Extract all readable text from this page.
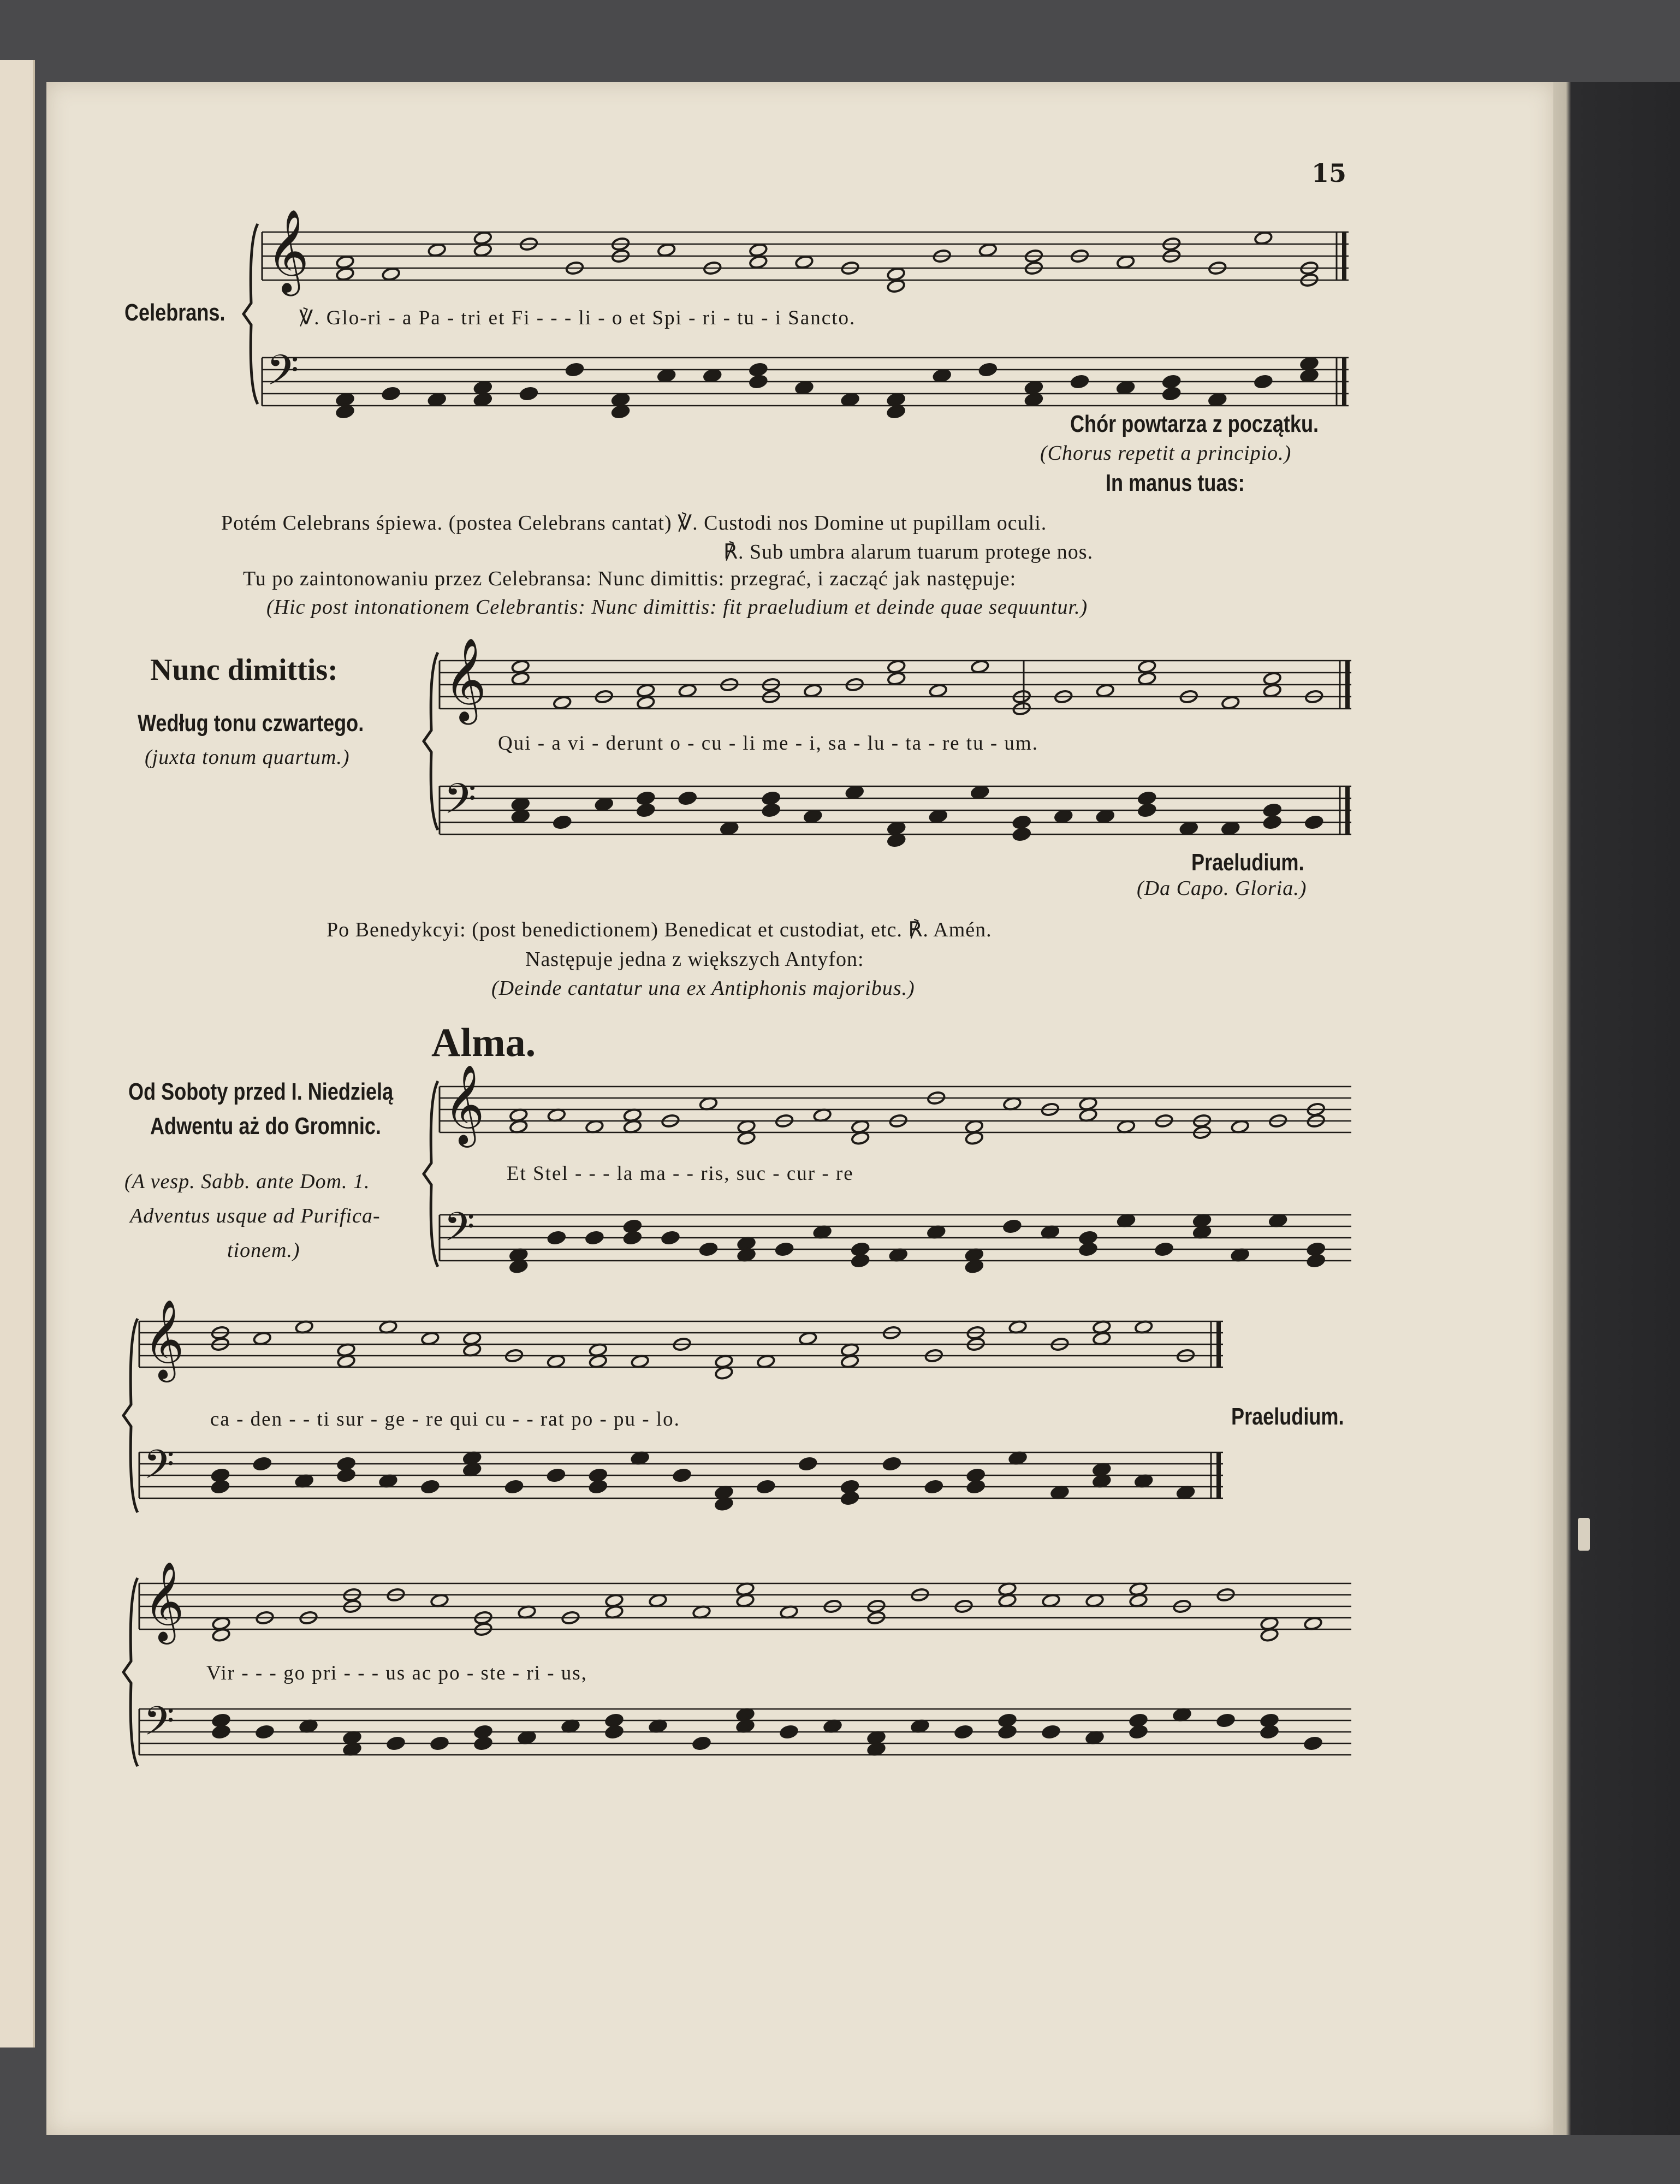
𝄞
𝄢
𝄞
𝄢
𝄞
𝄢
𝄞
𝄢
𝄞
𝄢
15
Celebrans.	℣. Glo-ri - a Pa - tri et Fi - - - li - o et Spi - ri - tu - i Sancto.
Chór powtarza z początku.
(Chorus repetit a principio.)
In manus tuas:
Potém Celebrans śpiewa. (postea Celebrans cantat) ℣. Custodi nos Domine ut pupillam oculi.
℟. Sub umbra alarum tuarum protege nos.
Tu po zaintonowaniu przez Celebransa: Nunc dimittis: przegrać, i zacząć jak następuje:
(Hic post intonationem Celebrantis: Nunc dimittis: fit praeludium et deinde quae sequuntur.)
Nunc dimittis:
Według tonu czwartego.
(juxta tonum quartum.)
Qui - a vi - derunt o - cu - li me - i, sa - lu - ta - re tu - um.
Praeludium.
(Da Capo. Gloria.)
Po Benedykcyi: (post benedictionem) Benedicat et custodiat, etc. ℟. Amén.
Następuje jedna z większych Antyfon:
(Deinde cantatur una ex Antiphonis majoribus.)
Alma.
Od Soboty przed I. Niedzielą
Adwentu aż do Gromnic.
(A vesp. Sabb. ante Dom. 1.
Adventus usque ad Purifica-
tionem.)
Et Stel - - - la ma - - ris, suc - cur - re
ca - den - - ti sur - ge - re qui cu - - rat po - pu - lo.	Praeludium.
Vir - - - go pri - - - us ac po - ste - ri - us,
